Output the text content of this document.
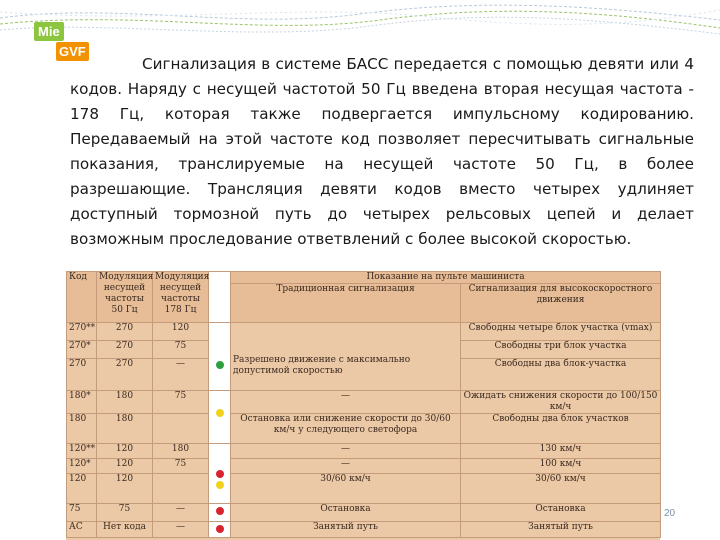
Mie
GVF

Сигнализация в системе БАСС передается с помощью девяти или 4 кодов. Наряду с несущей частотой 50 Гц введена вторая несущая частота - 178 Гц, которая также подвергается импульсному кодированию. Передаваемый на этой частоте код позволяет пересчитывать сигнальные показания, транслируемые на несущей частоте 50 Гц, в более разрешающие. Трансляция девяти кодов вместо четырех удлиняет доступный тормозной путь до четырех рельсовых цепей и делает возможным проследование ответвлений с более высокой скоростью.

Код	Модуляция несущей частоты 50 Гц	Модуляция несущей частоты 178 Гц		Показание на пульте машиниста	
				Традиционная сигнализация	Сигнализация для высокоскоростного движения
270**	270	120		Разрешено движение с максимально допустимой скоростью	Свободны четыре блок участка (vmax)
270*	270	75			Свободны три блок участка
270	270	—			Свободны два блок-участка
180*	180	75		—	Ожидать снижения скорости до 100/150 км/ч
180	180			Остановка или снижение скорости до 30/60 км/ч у следующего светофора	Свободны два блок участков
120**	120	180		—	130 км/ч
120*	120	75		—	100 км/ч
120	120			30/60 км/ч	30/60 км/ч
75	75	—		Остановка	Остановка
АС	Нет кода	—		Занятый путь	Занятый путь
20
